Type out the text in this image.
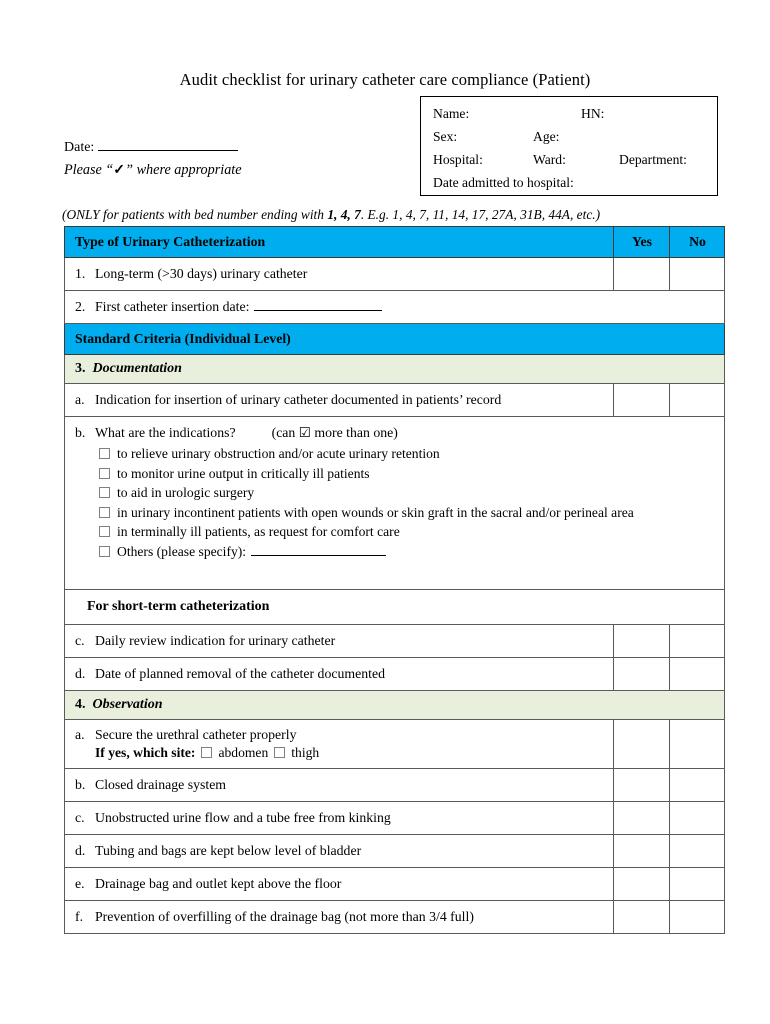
Audit checklist for urinary catheter care compliance (Patient)
Name:	HN:
Sex:	Age:
Hospital:	Ward:	Department:
Date admitted to hospital:
Date:
Please “✓” where appropriate
(ONLY for patients with bed number ending with 1, 4, 7. E.g. 1, 4, 7, 11, 14, 17, 27A, 31B, 44A, etc.)
Type of Urinary Catheterization	Yes	No

1. Long-term (>30 days) urinary catheter		

2. First catheter insertion date:		

Standard Criteria (Individual Level)		

3. Documentation		

a. Indication for insertion of urinary catheter documented in patients’ record		

b. What are the indications?	(can ☑ more than one)
to relieve urinary obstruction and/or acute urinary retention
to monitor urine output in critically ill patients
to aid in urologic surgery
in urinary incontinent patients with open wounds or skin graft in the sacral and/or perineal area
in terminally ill patients, as request for comfort care
Others (please specify):

For short-term catheterization		

c. Daily review indication for urinary catheter		

d. Date of planned removal of the catheter documented		

4. Observation		

a. Secure the urethral catheter properly
If yes, which site: abdomen thigh		

b. Closed drainage system		

c. Unobstructed urine flow and a tube free from kinking		

d. Tubing and bags are kept below level of bladder		

e. Drainage bag and outlet kept above the floor		

f. Prevention of overfilling of the drainage bag (not more than 3/4 full)		
